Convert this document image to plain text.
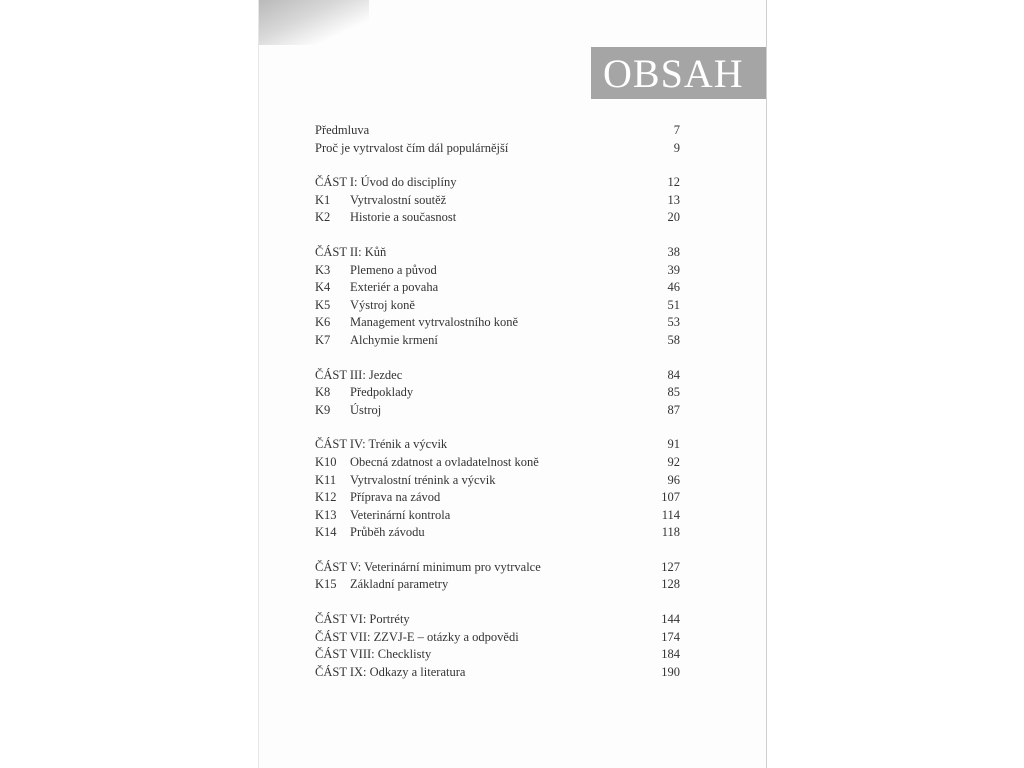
OBSAH
Předmluva	7
Proč je vytrvalost čím dál populárnější	9
ČÁST I: Úvod do disciplíny	12
K1 Vytrvalostní soutěž	13
K2 Historie a současnost	20
ČÁST II: Kůň	38
K3 Plemeno a původ	39
K4 Exteriér a povaha	46
K5 Výstroj koně	51
K6 Management vytrvalostního koně	53
K7 Alchymie krmení	58
ČÁST III: Jezdec	84
K8 Předpoklady	85
K9 Ústroj	87
ČÁST IV: Trénik a výcvik	91
K10 Obecná zdatnost a ovladatelnost koně	92
K11 Vytrvalostní trénink a výcvik	96
K12 Příprava na závod	107
K13 Veterinární kontrola	114
K14 Průběh závodu	118
ČÁST V: Veterinární minimum pro vytrvalce	127
K15 Základní parametry	128
ČÁST VI: Portréty	144
ČÁST VII: ZZVJ-E – otázky a odpovědi	174
ČÁST VIII: Checklisty	184
ČÁST IX: Odkazy a literatura	190
